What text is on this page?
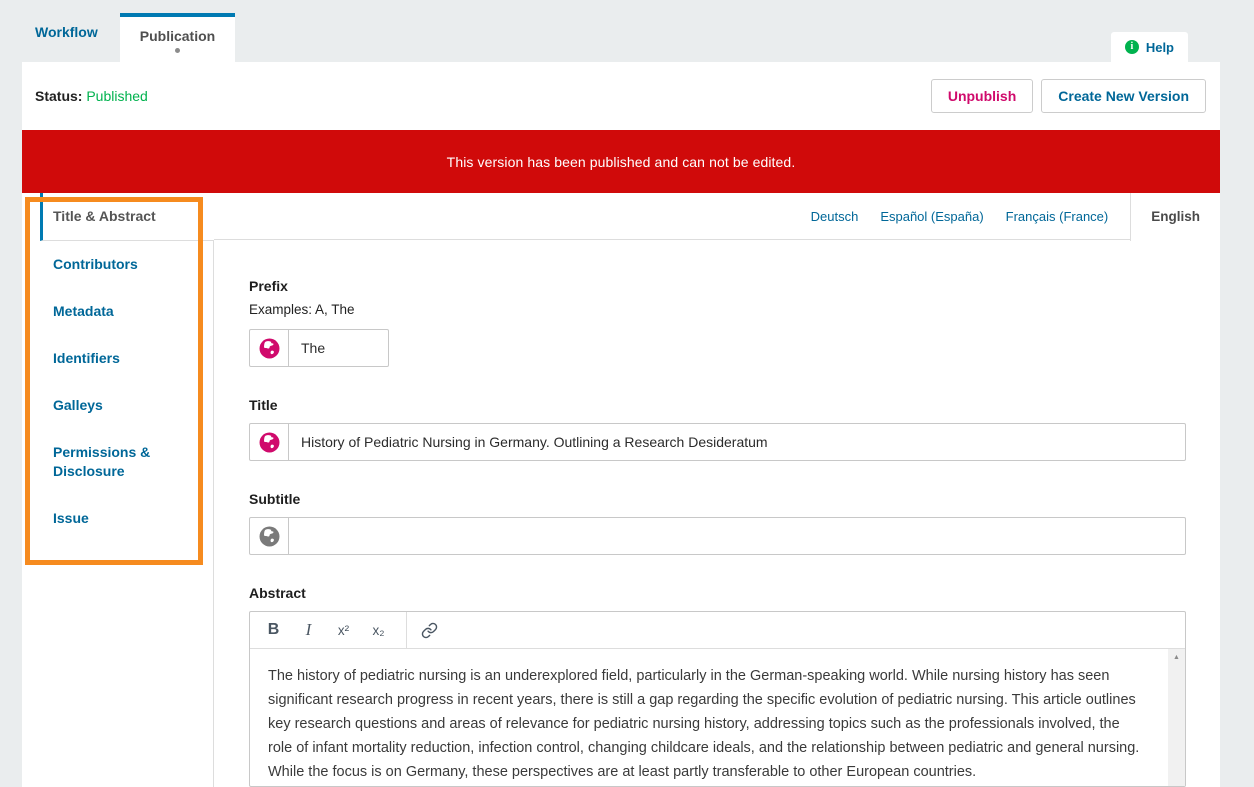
Workflow	Publication
i Help
Status: Published	Unpublish	Create New Version
This version has been published and can not be edited.
Title & Abstract
Contributors
Metadata
Identifiers
Galleys
Permissions & Disclosure
Issue
Deutsch Español (España) Français (France)	English
Prefix
Examples: A, The
The
Title
History of Pediatric Nursing in Germany. Outlining a Research Desideratum
Subtitle
Abstract
B	I	x²	x₂
The history of pediatric nursing is an underexplored field, particularly in the German-speaking world. While nursing history has seen significant research progress in recent years, there is still a gap regarding the specific evolution of pediatric nursing. This article outlines key research questions and areas of relevance for pediatric nursing history, addressing topics such as the professionals involved, the role of infant mortality reduction, infection control, changing childcare ideals, and the relationship between pediatric and general nursing. While the focus is on Germany, these perspectives are at least partly transferable to other European countries.
▲
